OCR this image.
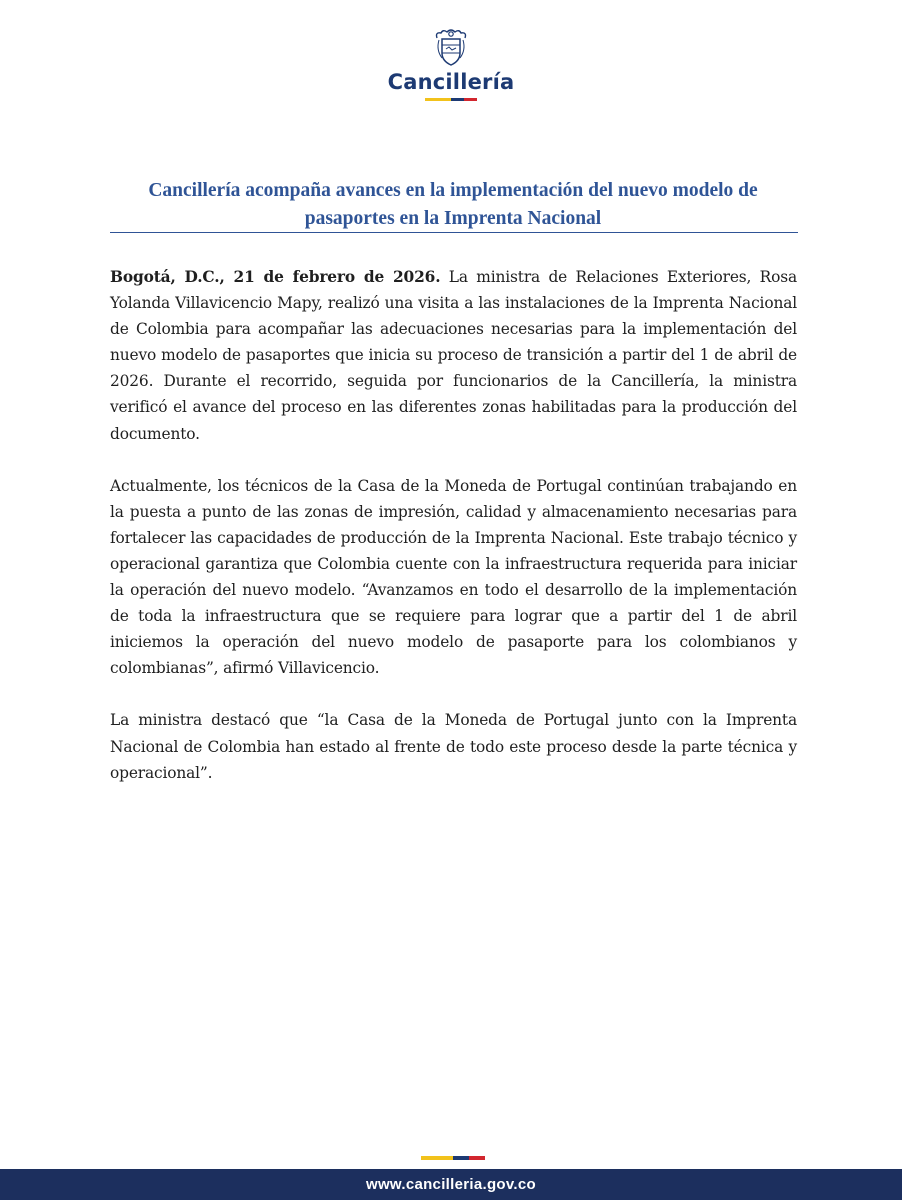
Cancillería
Cancillería acompaña avances en la implementación del nuevo modelo de pasaportes en la Imprenta Nacional

Bogotá, D.C., 21 de febrero de 2026. La ministra de Relaciones Exteriores, Rosa Yolanda Villavicencio Mapy, realizó una visita a las instalaciones de la Imprenta Nacional de Colombia para acompañar las adecuaciones necesarias para la implementación del nuevo modelo de pasaportes que inicia su proceso de transición a partir del 1 de abril de 2026. Durante el recorrido, seguida por funcionarios de la Cancillería, la ministra verificó el avance del proceso en las diferentes zonas habilitadas para la producción del documento.

Actualmente, los técnicos de la Casa de la Moneda de Portugal continúan trabajando en la puesta a punto de las zonas de impresión, calidad y almacenamiento necesarias para fortalecer las capacidades de producción de la Imprenta Nacional. Este trabajo técnico y operacional garantiza que Colombia cuente con la infraestructura requerida para iniciar la operación del nuevo modelo. “Avanzamos en todo el desarrollo de la implementación de toda la infraestructura que se requiere para lograr que a partir del 1 de abril iniciemos la operación del nuevo modelo de pasaporte para los colombianos y colombianas”, afirmó Villavicencio.

La ministra destacó que “la Casa de la Moneda de Portugal junto con la Imprenta Nacional de Colombia han estado al frente de todo este proceso desde la parte técnica y operacional”.

www.cancilleria.gov.co
